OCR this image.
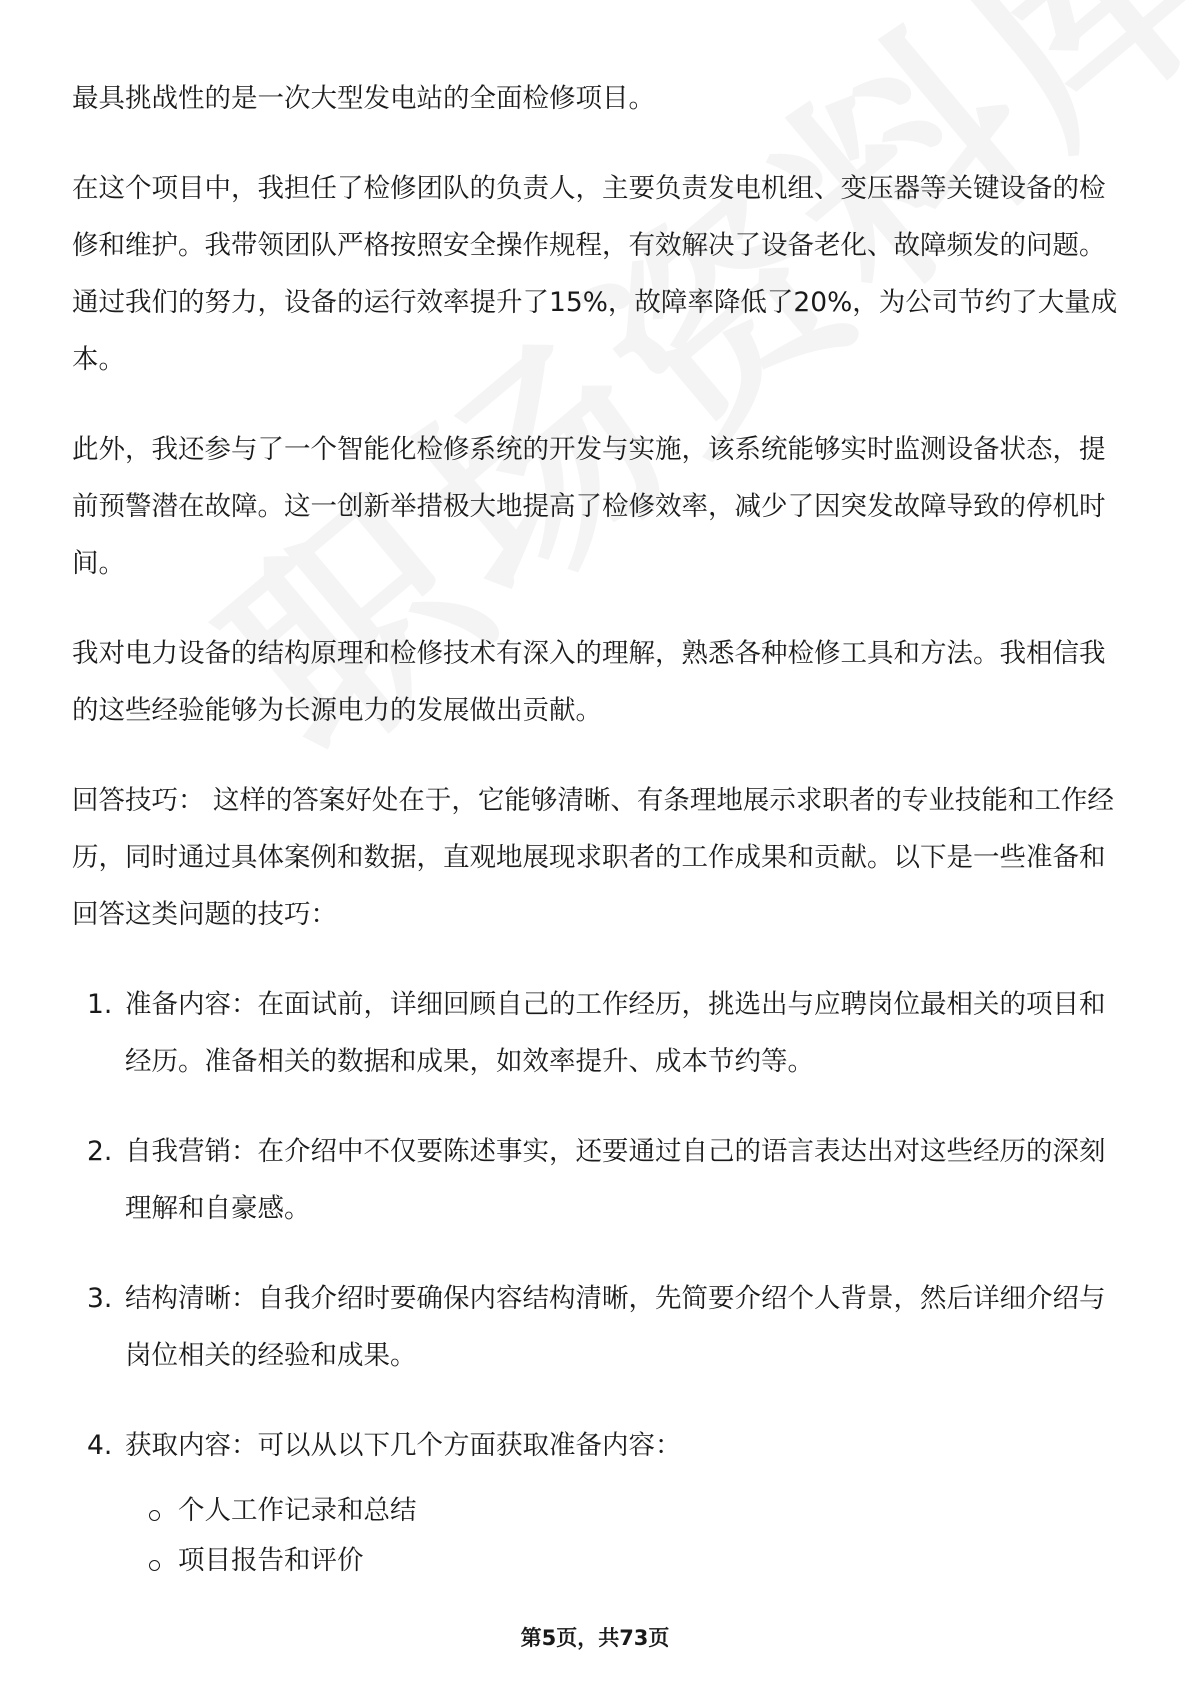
最具挑战性的是一次大型发电站的全面检修项目。

在这个项目中，我担任了检修团队的负责人，主要负责发电机组、变压器等关键设备的检修和维护。我带领团队严格按照安全操作规程，有效解决了设备老化、故障频发的问题。通过我们的努力，设备的运行效率提升了15%，故障率降低了20%，为公司节约了大量成本。

此外，我还参与了一个智能化检修系统的开发与实施，该系统能够实时监测设备状态，提前预警潜在故障。这一创新举措极大地提高了检修效率，减少了因突发故障导致的停机时间。

我对电力设备的结构原理和检修技术有深入的理解，熟悉各种检修工具和方法。我相信我的这些经验能够为长源电力的发展做出贡献。

回答技巧： 这样的答案好处在于，它能够清晰、有条理地展示求职者的专业技能和工作经历，同时通过具体案例和数据，直观地展现求职者的工作成果和贡献。以下是一些准备和回答这类问题的技巧：

1. 准备内容：在面试前，详细回顾自己的工作经历，挑选出与应聘岗位最相关的项目和经历。准备相关的数据和成果，如效率提升、成本节约等。
2. 自我营销：在介绍中不仅要陈述事实，还要通过自己的语言表达出对这些经历的深刻理解和自豪感。
3. 结构清晰：自我介绍时要确保内容结构清晰，先简要介绍个人背景，然后详细介绍与岗位相关的经验和成果。
4. 获取内容：可以从以下几个方面获取准备内容：
个人工作记录和总结
项目报告和评价
第5页，共73页
